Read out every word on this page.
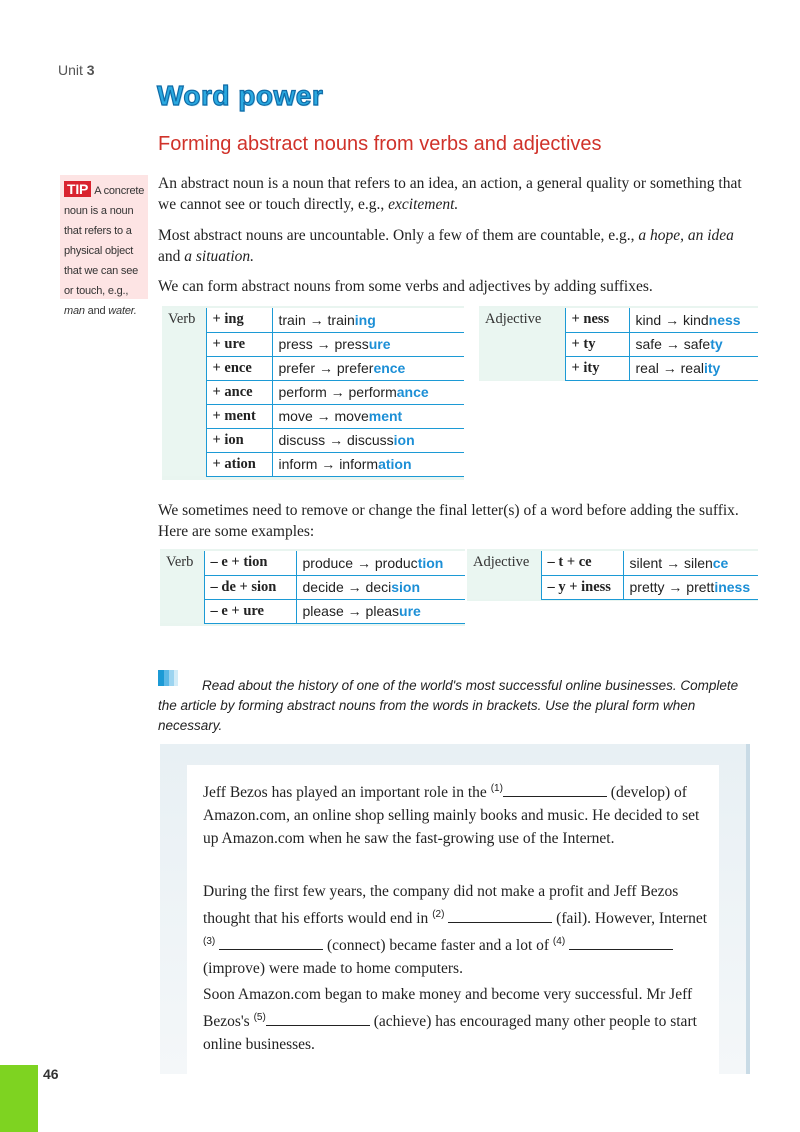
Unit 3
Word power
Forming abstract nouns from verbs and adjectives
TIP A concrete noun is a noun that refers to a physical object that we can see or touch, e.g., man and water.
An abstract noun is a noun that refers to an idea, an action, a general quality or something that we cannot see or touch directly, e.g., excitement.
Most abstract nouns are uncountable. Only a few of them are countable, e.g., a hope, an idea and a situation.
We can form abstract nouns from some verbs and adjectives by adding suffixes.
Verb	+ ing	train → training
	+ ure	press → pressure
	+ ence	prefer → preference
	+ ance	perform → performance
	+ ment	move → movement
	+ ion	discuss → discussion
	+ ation	inform → information
Adjective	+ ness	kind → kindness
	+ ty	safe → safety
	+ ity	real → reality
We sometimes need to remove or change the final letter(s) of a word before adding the suffix. Here are some examples:
Verb	– e + tion	produce → production
	– de + sion	decide → decision
	– e + ure	please → pleasure
Adjective	– t + ce	silent → silence
	– y + iness	pretty → prettiness
Read about the history of one of the world's most successful online businesses. Complete the article by forming abstract nouns from the words in brackets. Use the plural form when necessary.
Jeff Bezos has played an important role in the $^{(1)}$	(develop) of Amazon.com, an online shop selling mainly books and music. He decided to set up Amazon.com when he saw the fast-growing use of the Internet.
During the first few years, the company did not make a profit and Jeff Bezos thought that his efforts would end in $^{(2)}$	(fail). However, Internet $^{(3)}$	(connect) became faster and a lot of $^{(4)}$  (improve) were made to home computers.
Soon Amazon.com began to make money and become very successful. Mr Jeff Bezos's $^{(5)}$	(achieve) has encouraged many other people to start online businesses.
46
